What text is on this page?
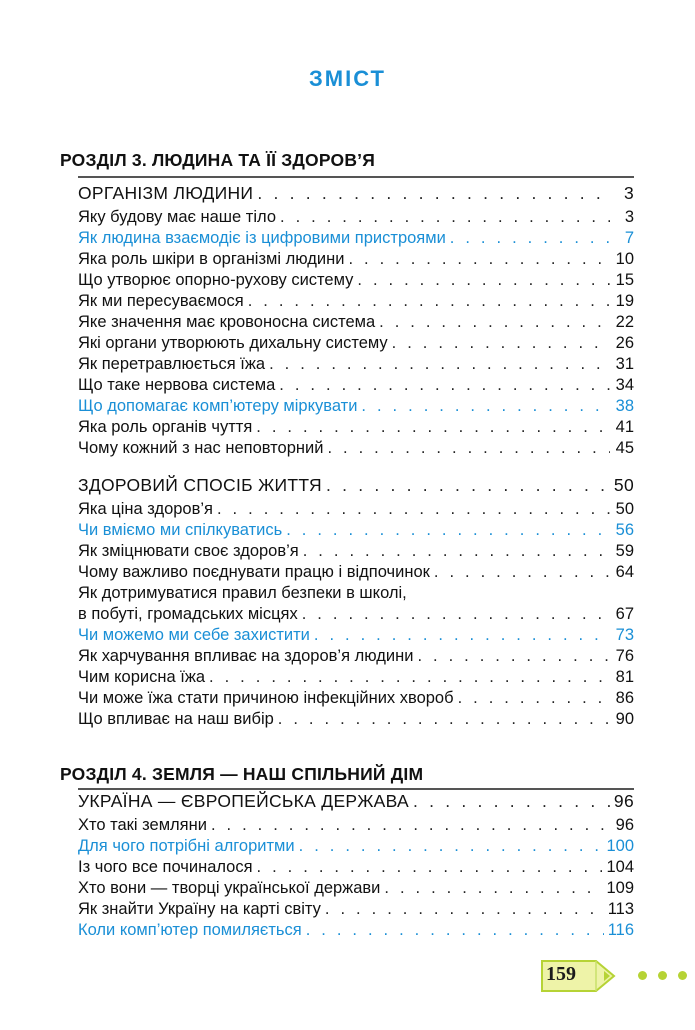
ЗМІСТ
РОЗДІЛ 3. ЛЮДИНА ТА ЇЇ ЗДОРОВ’Я
ОРГАНІЗМ ЛЮДИНИ . . .	3
Яку будову має наше тіло . . .	3
Як людина взаємодіє із цифровими пристроями . . .	7
Яка роль шкіри в організмі людини . . .	10
Що утворює опорно-рухову систему . . .	15
Як ми пересуваємося . . .	19
Яке значення має кровоносна система . . .	22
Які органи утворюють дихальну систему . . .	26
Як перетравлюється їжа . . .	31
Що таке нервова система . . .	34
Що допомагає комп’ютеру міркувати . . .	38
Яка роль органів чуття . . .	41
Чому кожний з нас неповторний . . .	45
ЗДОРОВИЙ СПОСІБ ЖИТТЯ . . .	50
Яка ціна здоров’я . . .	50
Чи вміємо ми спілкуватись . . .	56
Як зміцнювати своє здоров’я . . .	59
Чому важливо поєднувати працю і відпочинок . . .	64
Як дотримуватися правил безпеки в школі,
в побуті, громадських місцях . . .	67
Чи можемо ми себе захистити . . .	73
Як харчування впливає на здоров’я людини . . .	76
Чим корисна їжа . . .	81
Чи може їжа стати причиною інфекційних хвороб . . .	86
Що впливає на наш вибір . . .	90
РОЗДІЛ 4. ЗЕМЛЯ — НАШ СПІЛЬНИЙ ДІМ
УКРАЇНА — ЄВРОПЕЙСЬКА ДЕРЖАВА . . .	96
Хто такі земляни . . .	96
Для чого потрібні алгоритми . . .	100
Із чого все починалося . . .	104
Хто вони — творці української держави . . .	109
Як знайти Україну на карті світу . . .	113
Коли комп’ютер помиляється . . .	116
159
